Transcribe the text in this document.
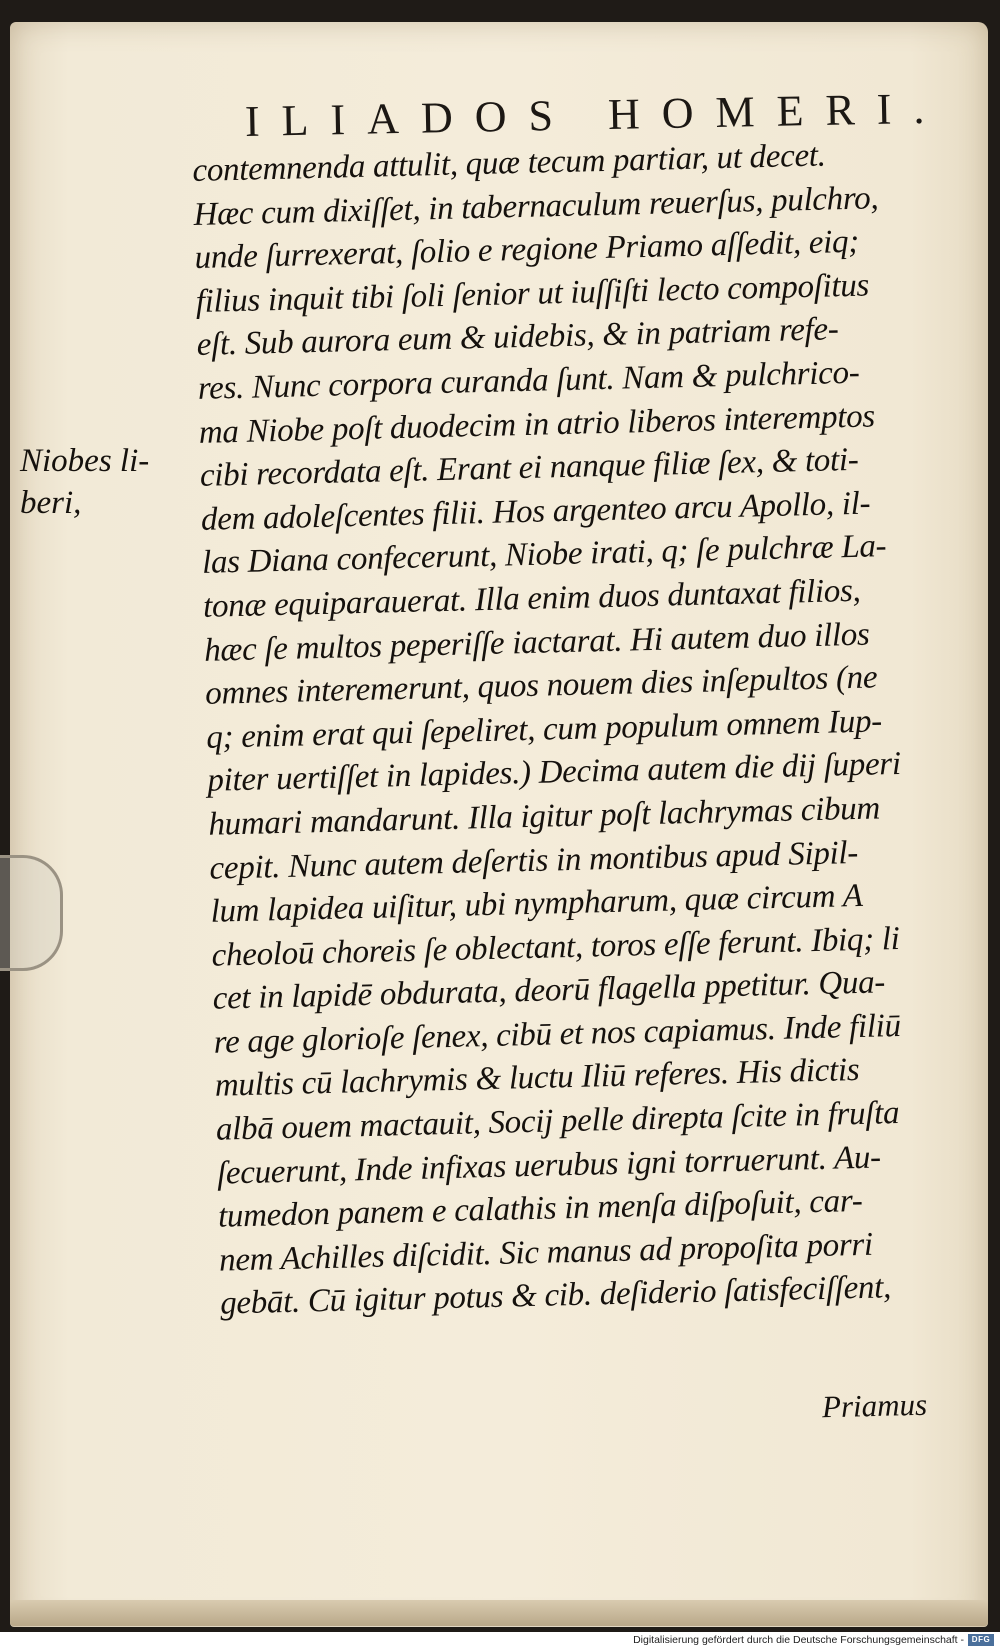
ILIADOS HOMERI.
Niobes li-
beri,
contemnenda attulit, quæ tecum partiar, ut decet.
Hæc cum dixiſſet, in tabernaculum reuerſus, pulchro,
unde ſurrexerat, ſolio e regione Priamo aſſedit, eiq;
filius inquit tibi ſoli ſenior ut iuſſiſti lecto compoſitus
eſt. Sub aurora eum & uidebis, & in patriam refe-
res. Nunc corpora curanda ſunt. Nam & pulchrico-
ma Niobe poſt duodecim in atrio liberos interemptos
cibi recordata eſt. Erant ei nanque filiæ ſex, & toti-
dem adoleſcentes filii. Hos argenteo arcu Apollo, il-
las Diana confecerunt, Niobe irati, q; ſe pulchræ La-
tonæ equiparauerat. Illa enim duos duntaxat filios,
hæc ſe multos peperiſſe iactarat. Hi autem duo illos
omnes interemerunt, quos nouem dies inſepultos (ne
q; enim erat qui ſepeliret, cum populum omnem Iup-
piter uertiſſet in lapides.) Decima autem die dij ſuperi
humari mandarunt. Illa igitur poſt lachrymas cibum
cepit. Nunc autem deſertis in montibus apud Sipil-
lum lapidea uiſitur, ubi nympharum, quæ circum A
cheoloū choreis ſe oblectant, toros eſſe ferunt. Ibiq; li
cet in lapidē obdurata, deorū flagella ppetitur. Qua-
re age glorioſe ſenex, cibū et nos capiamus. Inde filiū
multis cū lachrymis & luctu Iliū referes. His dictis
albā ouem mactauit, Socij pelle direpta ſcite in fruſta
ſecuerunt, Inde infixas uerubus igni torruerunt. Au-
tumedon panem e calathis in menſa diſpoſuit, car-
nem Achilles diſcidit. Sic manus ad propoſita porri
gebāt. Cū igitur potus & cib. deſiderio ſatisfeciſſent,
Priamus
Digitalisierung gefördert durch die Deutsche Forschungsgemeinschaft - DFG
